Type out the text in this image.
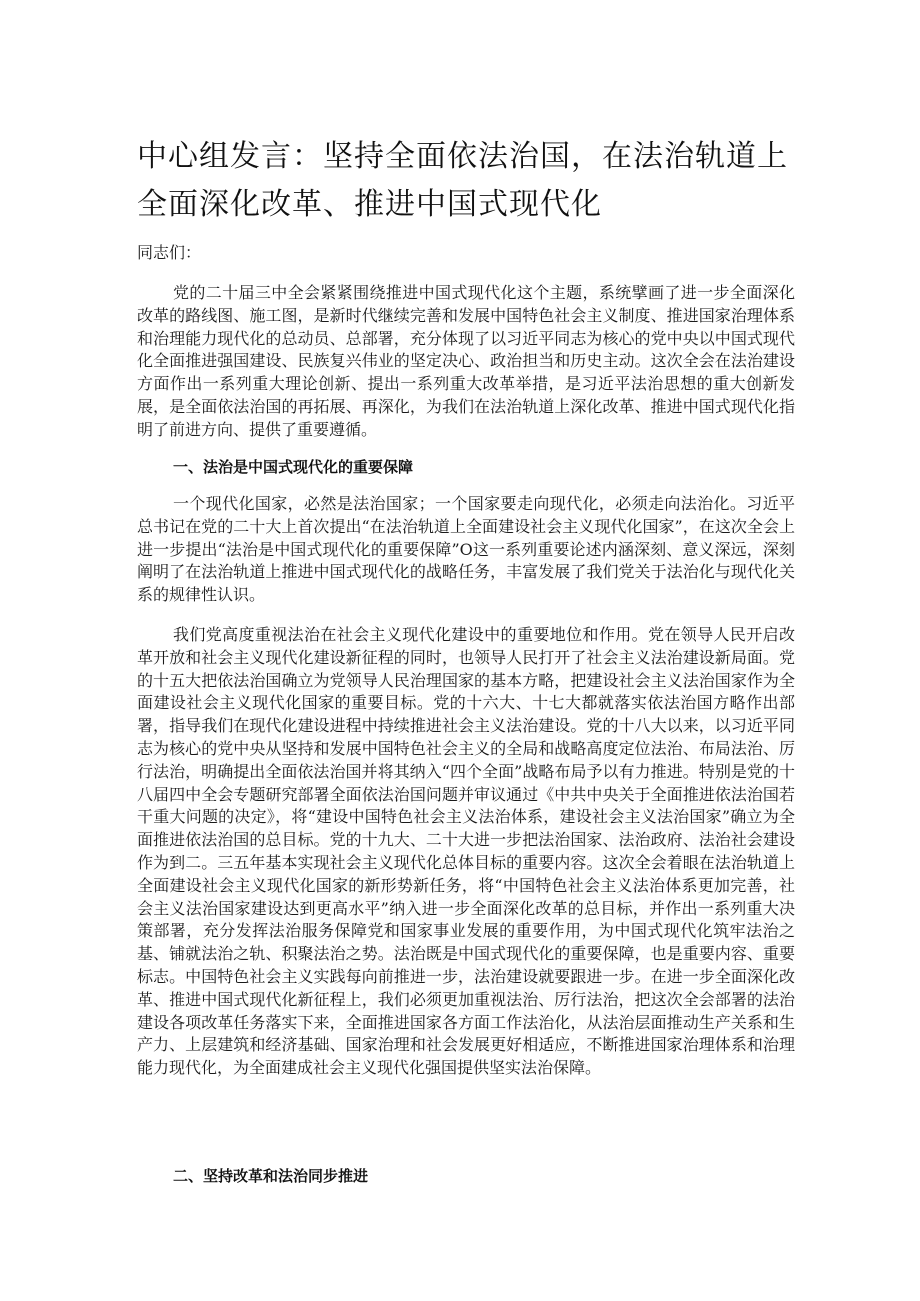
中心组发言：坚持全面依法治国，在法治轨道上全面深化改革、推进中国式现代化

同志们：

党的二十届三中全会紧紧围绕推进中国式现代化这个主题，系统擘画了进一步全面深化改革的路线图、施工图，是新时代继续完善和发展中国特色社会主义制度、推进国家治理体系和治理能力现代化的总动员、总部署，充分体现了以习近平同志为核心的党中央以中国式现代化全面推进强国建设、民族复兴伟业的坚定决心、政治担当和历史主动。这次全会在法治建设方面作出一系列重大理论创新、提出一系列重大改革举措，是习近平法治思想的重大创新发展，是全面依法治国的再拓展、再深化，为我们在法治轨道上深化改革、推进中国式现代化指明了前进方向、提供了重要遵循。

一、法治是中国式现代化的重要保障

一个现代化国家，必然是法治国家；一个国家要走向现代化，必须走向法治化。习近平总书记在党的二十大上首次提出“在法治轨道上全面建设社会主义现代化国家”，在这次全会上进一步提出“法治是中国式现代化的重要保障”O这一系列重要论述内涵深刻、意义深远，深刻阐明了在法治轨道上推进中国式现代化的战略任务，丰富发展了我们党关于法治化与现代化关系的规律性认识。

我们党高度重视法治在社会主义现代化建设中的重要地位和作用。党在领导人民开启改革开放和社会主义现代化建设新征程的同时，也领导人民打开了社会主义法治建设新局面。党的十五大把依法治国确立为党领导人民治理国家的基本方略，把建设社会主义法治国家作为全面建设社会主义现代化国家的重要目标。党的十六大、十七大都就落实依法治国方略作出部署，指导我们在现代化建设进程中持续推进社会主义法治建设。党的十八大以来，以习近平同志为核心的党中央从坚持和发展中国特色社会主义的全局和战略高度定位法治、布局法治、厉行法治，明确提出全面依法治国并将其纳入“四个全面”战略布局予以有力推进。特别是党的十八届四中全会专题研究部署全面依法治国问题并审议通过《中共中央关于全面推进依法治国若干重大问题的决定》，将“建设中国特色社会主义法治体系，建设社会主义法治国家”确立为全面推进依法治国的总目标。党的十九大、二十大进一步把法治国家、法治政府、法治社会建设作为到二。三五年基本实现社会主义现代化总体目标的重要内容。这次全会着眼在法治轨道上全面建设社会主义现代化国家的新形势新任务，将“中国特色社会主义法治体系更加完善，社会主义法治国家建设达到更高水平”纳入进一步全面深化改革的总目标，并作出一系列重大决策部署，充分发挥法治服务保障党和国家事业发展的重要作用，为中国式现代化筑牢法治之基、铺就法治之轨、积聚法治之势。法治既是中国式现代化的重要保障，也是重要内容、重要标志。中国特色社会主义实践每向前推进一步，法治建设就要跟进一步。在进一步全面深化改革、推进中国式现代化新征程上，我们必须更加重视法治、厉行法治，把这次全会部署的法治建设各项改革任务落实下来，全面推进国家各方面工作法治化，从法治层面推动生产关系和生产力、上层建筑和经济基础、国家治理和社会发展更好相适应，不断推进国家治理体系和治理能力现代化，为全面建成社会主义现代化强国提供坚实法治保障。

二、坚持改革和法治同步推进
